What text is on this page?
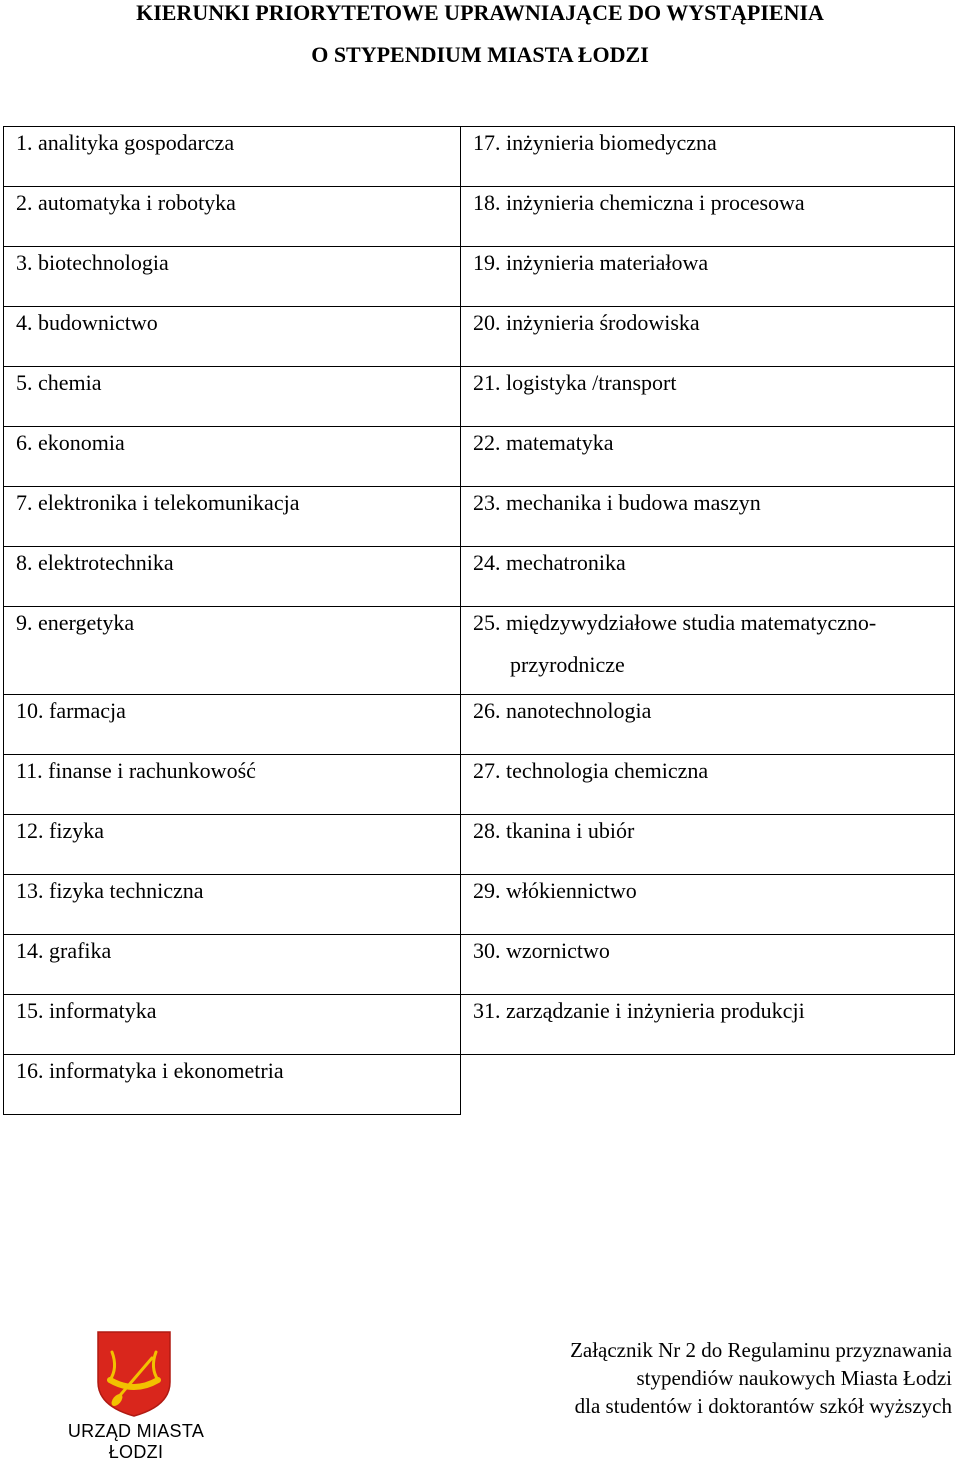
KIERUNKI PRIORYTETOWE UPRAWNIAJĄCE DO WYSTĄPIENIA
O STYPENDIUM MIASTA ŁODZI
1. analityka gospodarcza	17. inżynieria biomedyczna
2. automatyka i robotyka	18. inżynieria chemiczna i procesowa
3. biotechnologia	19. inżynieria materiałowa
4. budownictwo	20. inżynieria środowiska
5. chemia	21. logistyka /transport
6. ekonomia	22. matematyka
7. elektronika i telekomunikacja	23. mechanika i budowa maszyn
8. elektrotechnika	24. mechatronika
9. energetyka	25. międzywydziałowe studia matematyczno-
przyrodnicze

10. farmacja	26. nanotechnologia
11. finanse i rachunkowość	27. technologia chemiczna
12. fizyka	28. tkanina i ubiór
13. fizyka techniczna	29. włókiennictwo
14. grafika	30. wzornictwo
15. informatyka	31. zarządzanie i inżynieria produkcji
16. informatyka i ekonometria	
URZĄD MIASTA ŁODZI
Załącznik Nr 2 do Regulaminu przyznawania
stypendiów naukowych Miasta Łodzi
dla studentów i doktorantów szkół wyższych
